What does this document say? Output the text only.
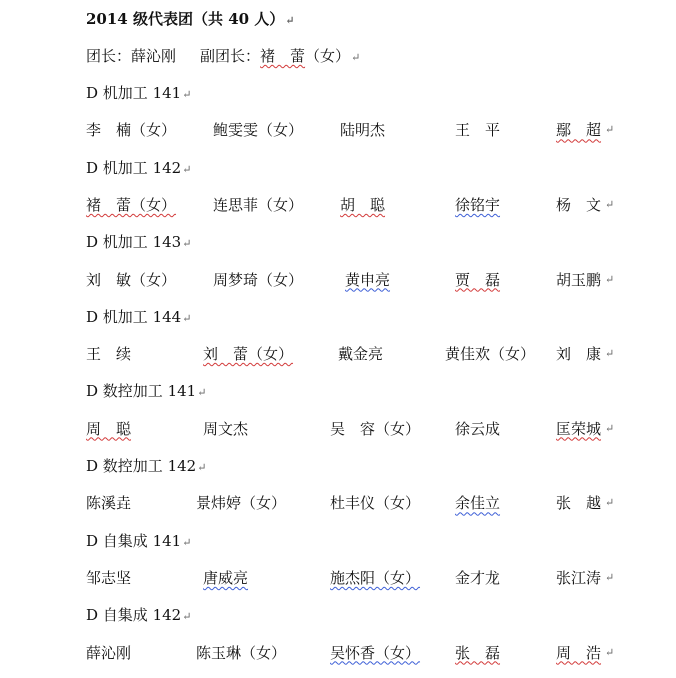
2014 级代表团（共 40 人）↵
团长：薛沁刚 副团长：褚　蕾（女）↵
D 机加工 141↵
李　楠（女） 鲍雯雯（女） 陆明杰	王　平	鄢　超 ↵
D 机加工 142↵
褚　蕾（女） 连思菲（女） 胡　聪	徐铭宇	杨　文 ↵
D 机加工 143↵
刘　敏（女） 周梦琦（女）	黄申亮	贾　磊	胡玉鹏 ↵
D 机加工 144↵
王　续	刘　蕾（女）	戴金亮	黄佳欢（女） 刘　康 ↵
D 数控加工 141↵
周　聪	周文杰	吴　容（女） 徐云成	匡荣城 ↵
D 数控加工 142↵
陈溪垚	景炜婷（女）	杜丰仪（女） 余佳立	张　越 ↵
D 自集成 141↵
邹志坚	唐威亮	施杰阳（女） 金才龙	张江涛 ↵
D 自集成 142↵
薛沁刚	陈玉琳（女）	吴怀香（女） 张　磊	周　浩 ↵
